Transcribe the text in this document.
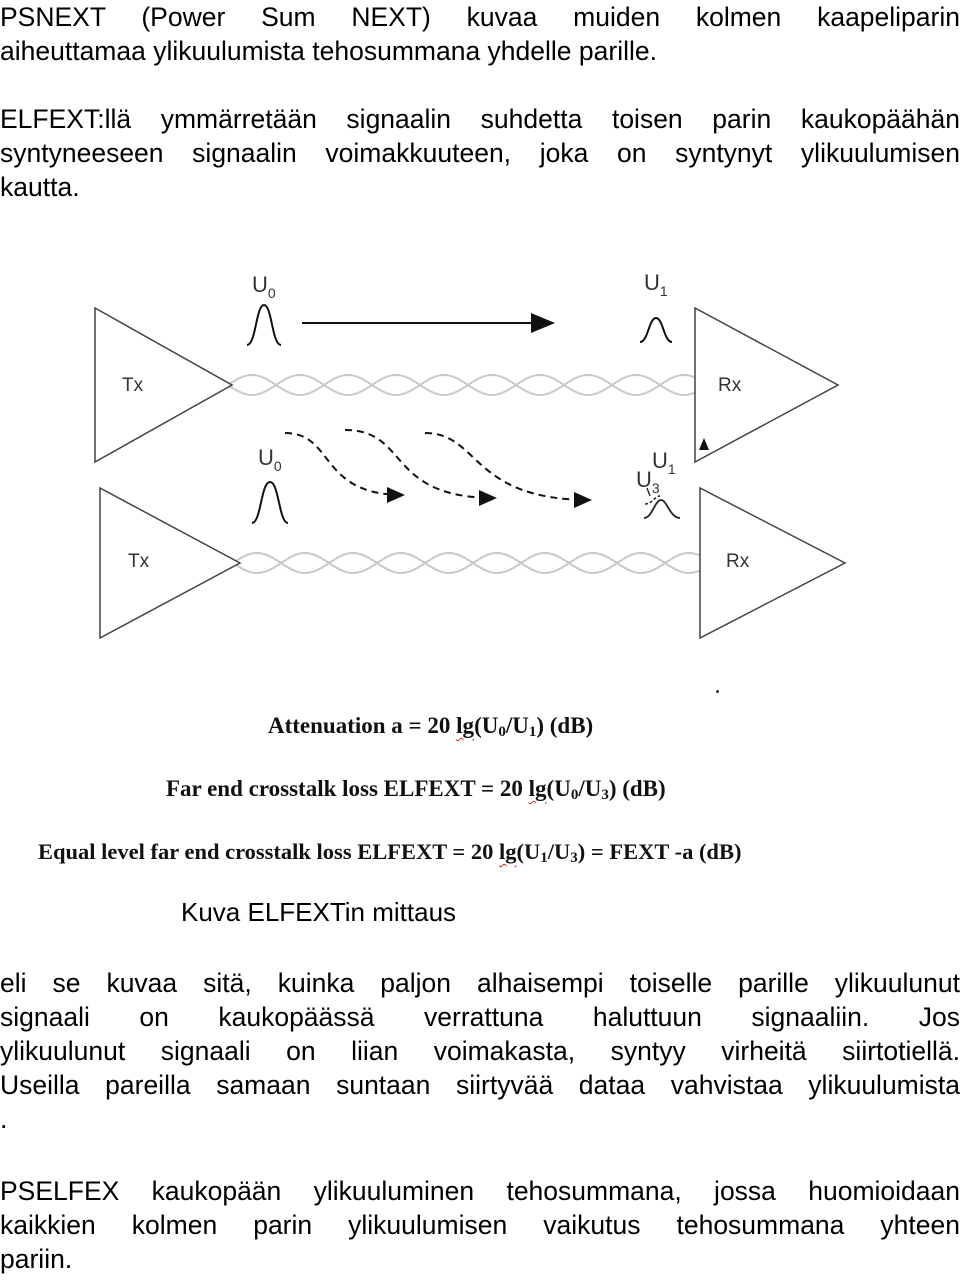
PSNEXT (Power Sum NEXT) kuvaa muiden kolmen kaapeliparin
aiheuttamaa ylikuulumista tehosummana yhdelle parille.
ELFEXT:llä ymmärretään signaalin suhdetta toisen parin kaukopäähän
syntyneeseen signaalin voimakkuuteen, joka on syntynyt ylikuulumisen
kautta.
Tx	Rx
Tx	Rx
$U_0$	$U_1$
$U_0$	$U_1$
$U_3$
Attenuation a = 20 $\lg(U_0/U_1)$ (dB)
Far end crosstalk loss ELFEXT = 20 $\lg(U_0/U_3)$ (dB)
Equal level far end crosstalk loss ELFEXT = 20 $\lg(U_1/U_3)$ = FEXT -a (dB)
Kuva ELFEXTin mittaus
eli se kuvaa sitä, kuinka paljon alhaisempi toiselle parille ylikuulunut
signaali on kaukopäässä verrattuna haluttuun signaaliin. Jos
ylikuulunut signaali on liian voimakasta, syntyy virheitä siirtotiellä.
Useilla pareilla samaan suntaan siirtyvää dataa vahvistaa ylikuulumista
.
PSELFEX kaukopään ylikuuluminen tehosummana, jossa huomioidaan
kaikkien kolmen parin ylikuulumisen vaikutus tehosummana yhteen
pariin.
